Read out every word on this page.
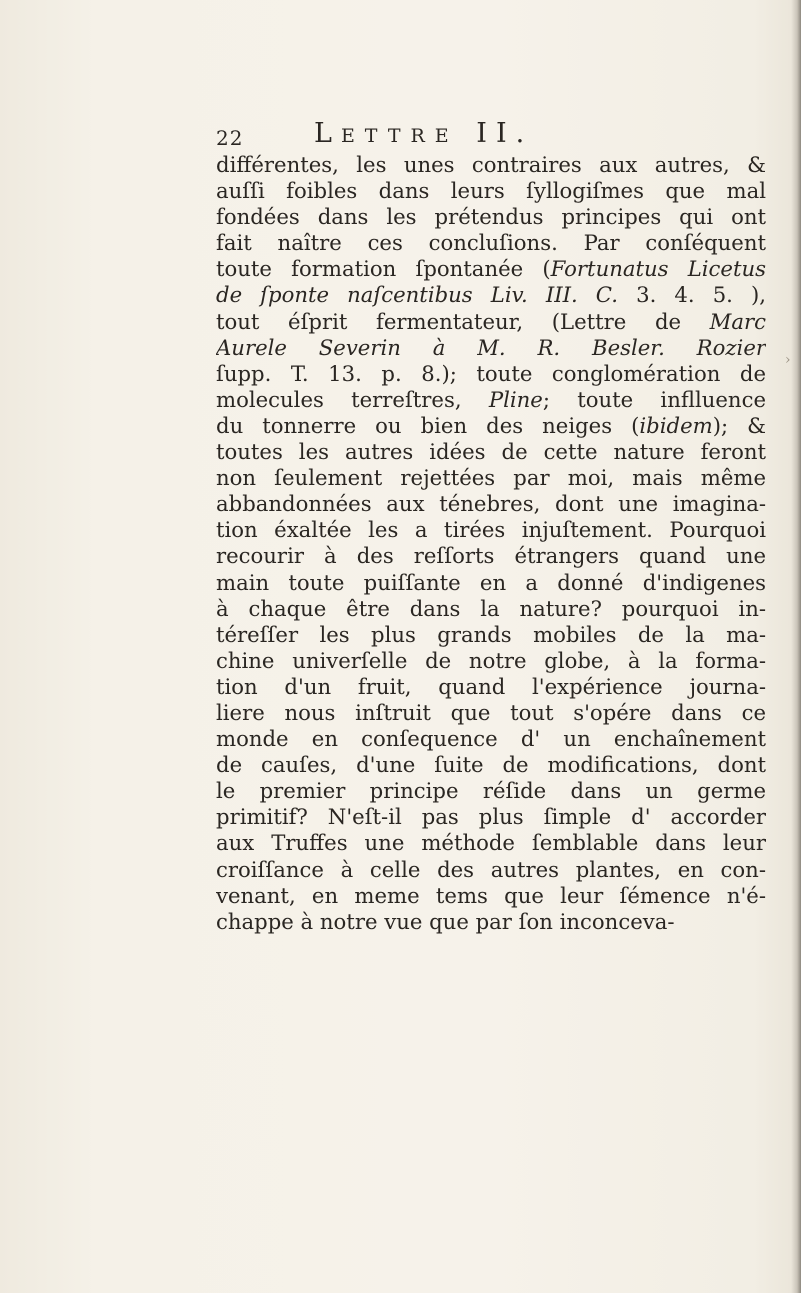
22	LETTRE II.
différentes, les unes contraires aux autres, &
auſſi foibles dans leurs ſyllogiſmes que mal
fondées dans les prétendus principes qui ont
fait naître ces concluſions. Par conſéquent
toute formation ſpontanée (Fortunatus Licetus
de ſponte naſcentibus Liv. III. C. 3. 4. 5. ),
tout éſprit fermentateur, (Lettre de Marc
Aurele Severin à M. R. Besler. Rozier
ſupp. T. 13. p. 8.); toute conglomération de
molecules terreſtres, Pline; toute inflluence
du tonnerre ou bien des neiges (ibidem); &
toutes les autres idées de cette nature feront
non ſeulement rejettées par moi, mais même
abbandonnées aux ténebres, dont une imagina-
tion éxaltée les a tirées injuſtement. Pourquoi
recourir à des reſſorts étrangers quand une
main toute puiſſante en a donné d'indigenes
à chaque être dans la nature? pourquoi in-
téreſſer les plus grands mobiles de la ma-
chine univerſelle de notre globe, à la forma-
tion d'un fruit, quand l'expérience journa-
liere nous inſtruit que tout s'opére dans ce
monde en conſequence d' un enchaînement
de cauſes, d'une ſuite de modifications, dont
le premier principe réſide dans un germe
primitif? N'eſt-il pas plus ſimple d' accorder
aux Truffes une méthode ſemblable dans leur
croiſſance à celle des autres plantes, en con-
venant, en meme tems que leur ſémence n'é-
chappe à notre vue que par ſon inconceva-
›
